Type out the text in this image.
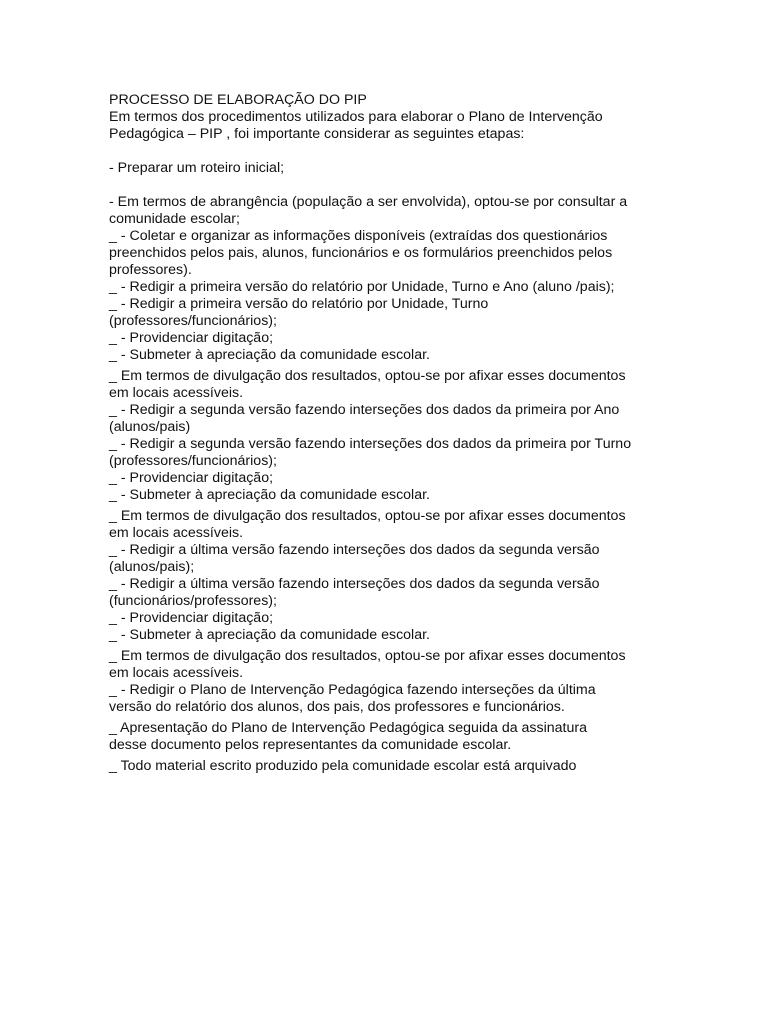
PROCESSO DE ELABORAÇÃO DO PIP

Em termos dos procedimentos utilizados para elaborar o Plano de Intervenção

Pedagógica – PIP , foi importante considerar as seguintes etapas:

- Preparar um roteiro inicial;

- Em termos de abrangência (população a ser envolvida), optou-se por consultar a

comunidade escolar;

_ - Coletar e organizar as informações disponíveis (extraídas dos questionários

preenchidos pelos pais, alunos, funcionários e os formulários preenchidos pelos

professores).

_ - Redigir a primeira versão do relatório por Unidade, Turno e Ano (aluno /pais);

_ - Redigir a primeira versão do relatório por Unidade, Turno

(professores/funcionários);

_ - Providenciar digitação;

_ - Submeter à apreciação da comunidade escolar.

_ Em termos de divulgação dos resultados, optou-se por afixar esses documentos

em locais acessíveis.

_ - Redigir a segunda versão fazendo interseções dos dados da primeira por Ano

(alunos/pais)

_ - Redigir a segunda versão fazendo interseções dos dados da primeira por Turno

(professores/funcionários);

_ - Providenciar digitação;

_ - Submeter à apreciação da comunidade escolar.

_ Em termos de divulgação dos resultados, optou-se por afixar esses documentos

em locais acessíveis.

_ - Redigir a última versão fazendo interseções dos dados da segunda versão

(alunos/pais);

_ - Redigir a última versão fazendo interseções dos dados da segunda versão

(funcionários/professores);

_ - Providenciar digitação;

_ - Submeter à apreciação da comunidade escolar.

_ Em termos de divulgação dos resultados, optou-se por afixar esses documentos

em locais acessíveis.

_ - Redigir o Plano de Intervenção Pedagógica fazendo interseções da última

versão do relatório dos alunos, dos pais, dos professores e funcionários.

_ Apresentação do Plano de Intervenção Pedagógica seguida da assinatura

desse documento pelos representantes da comunidade escolar.

_ Todo material escrito produzido pela comunidade escolar está arquivado
